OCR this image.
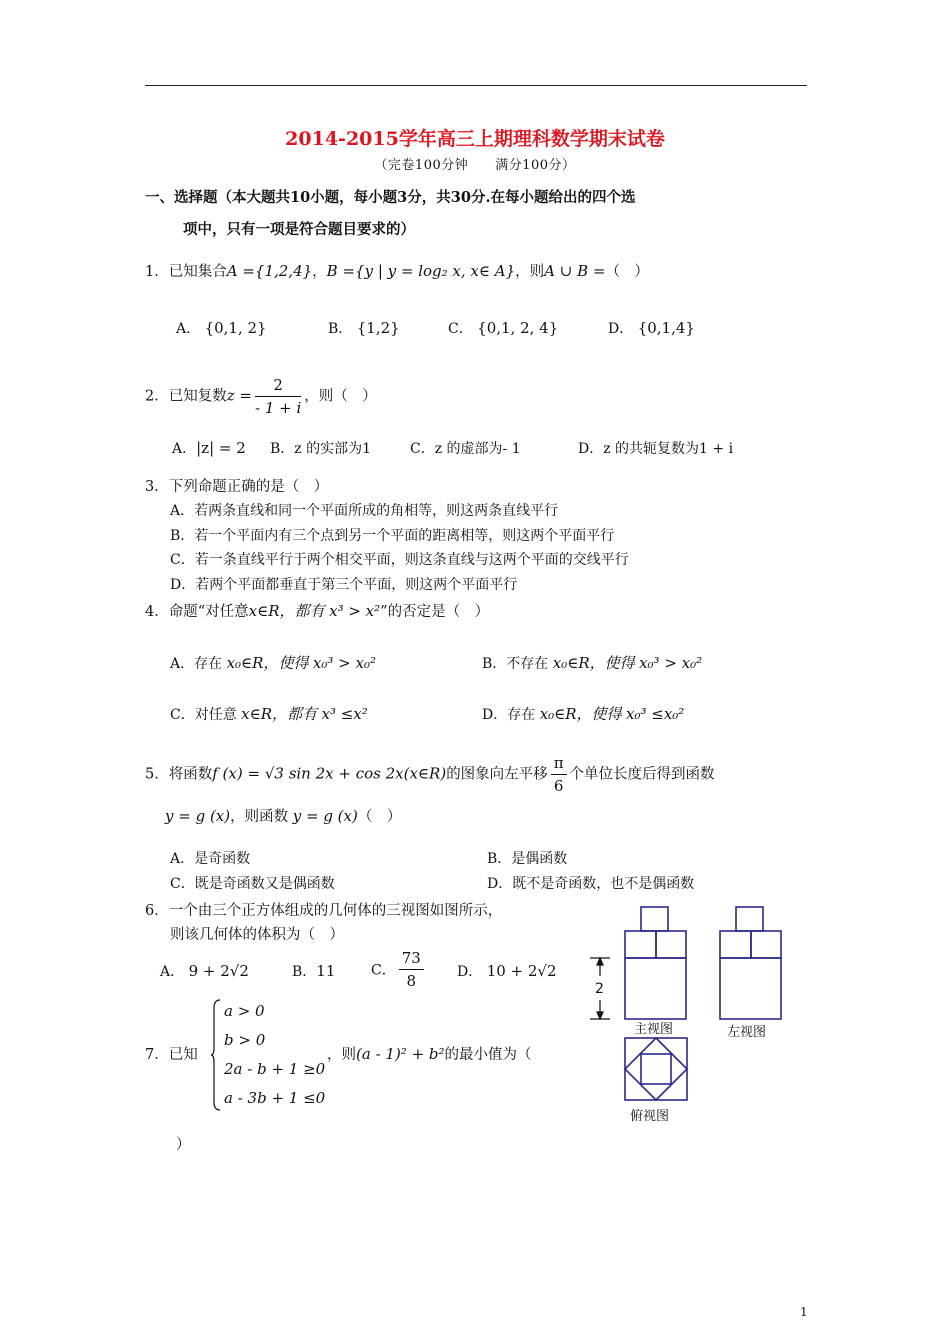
2014-2015学年高三上期理科数学期末试卷
（完卷100分钟　　满分100分）
一、选择题（本大题共10小题，每小题3分，共30分.在每小题给出的四个选
项中，只有一项是符合题目要求的）
1．已知集合A ={1,2,4}，B ={y | y = log₂ x, x∈ A}，则A ∪ B =（　）
A． {0,1, 2}	B． {1,2}	C． {0,1, 2, 4}	D． {0,1,4}
2．已知复数$z = \frac{2}{- 1 + i}$ ，则（　）
A．|z| = 2 B．z 的实部为1	C．z 的虚部为- 1	D．z 的共轭复数为1 + i
3．下列命题正确的是（　）
A．若两条直线和同一个平面所成的角相等，则这两条直线平行
B．若一个平面内有三个点到另一个平面的距离相等，则这两个平面平行
C．若一条直线平行于两个相交平面，则这条直线与这两个平面的交线平行
D．若两个平面都垂直于第三个平面，则这两个平面平行
4．命题“对任意x∈R，都有 x³ > x²”的否定是（　）
A．存在 x₀∈R，使得 x₀³ > x₀²	B．不存在 x₀∈R，使得 x₀³ > x₀²
C．对任意 x∈R，都有 x³ ≤x²	D．存在 x₀∈R，使得 x₀³ ≤x₀²
5．将函数f (x) = √3 sin 2x + cos 2x(x∈R)的图象向左平移 $\frac{\pi}{6}$ 个单位长度后得到函数
y = g (x)，则函数 y = g (x)（　）
A．是奇函数	B．是偶函数
C．既是奇函数又是偶函数	D．既不是奇函数，也不是偶函数
6．一个由三个正方体组成的几何体的三视图如图所示，
则该几何体的体积为（　）
A． 9 + 2√2	B．11	C． $\frac{73}{8}$ D． 10 + 2√2
2
主视图	左视图
俯视图
7．已知
a > 0
b > 0
2a - b + 1 ≥0
a - 3b + 1 ≤0
，则(a - 1)² + b²的最小值为（
）
1
